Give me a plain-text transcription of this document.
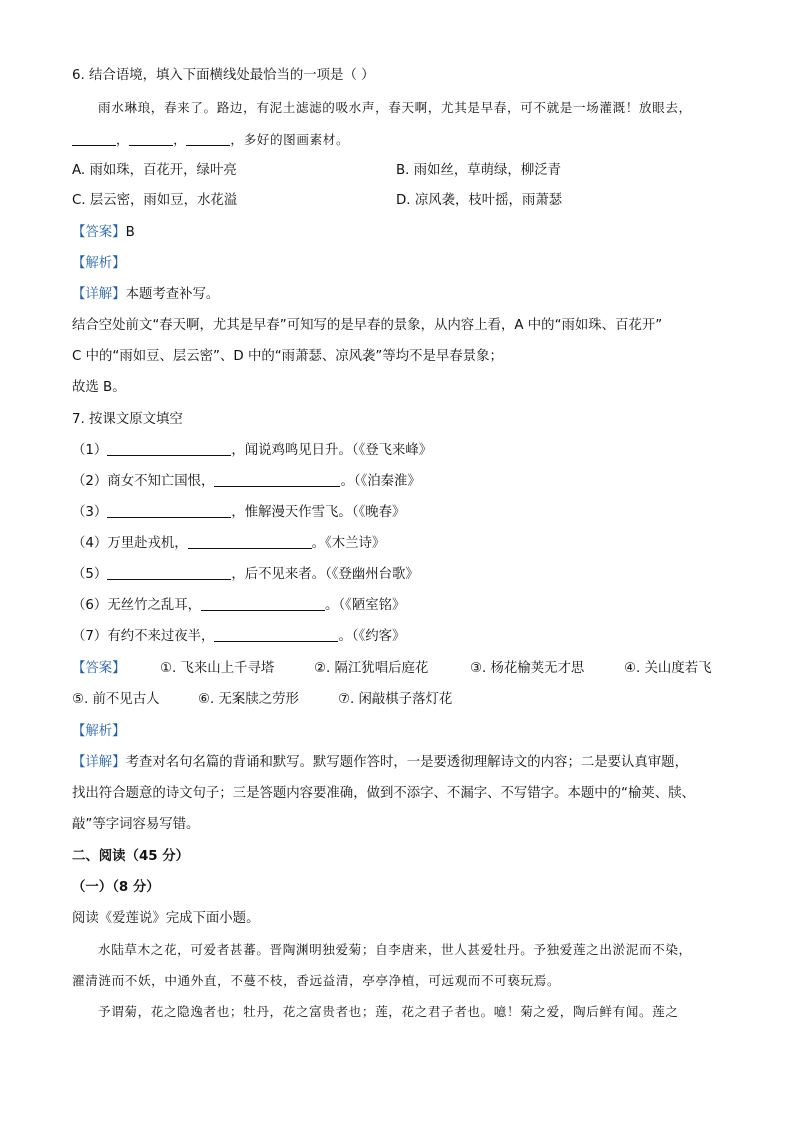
6. 结合语境，填入下面横线处最恰当的一项是（ ）
雨水琳琅，春来了。路边，有泥土滤滤的吸水声，春天啊，尤其是早春，可不就是一场灌溉！放眼去，
，	，	，多好的图画素材。
A. 雨如珠，百花开，绿叶亮	B. 雨如丝，草萌绿，柳泛青
C. 层云密，雨如豆，水花溢	D. 凉风袭，枝叶摇，雨萧瑟
【答案】B
【解析】
【详解】本题考查补写。
结合空处前文“春天啊，尤其是早春”可知写的是早春的景象，从内容上看，A 中的“雨如珠、百花开”
C 中的“雨如豆、层云密”、D 中的“雨萧瑟、凉风袭”等均不是早春景象；
故选 B。
7. 按课文原文填空
（1）	，闻说鸡鸣见日升。（《登飞来峰》
（2）商女不知亡国恨，	。（《泊秦淮》
（3）	，惟解漫天作雪飞。（《晚春》
（4）万里赴戎机，	。《木兰诗》
（5）	，后不见来者。（《登幽州台歌》
（6）无丝竹之乱耳，	。（《陋室铭》
（7）有约不来过夜半，	。（《约客》
【答案】	①. 飞来山上千寻塔	②. 隔江犹唱后庭花	③. 杨花榆荚无才思	④. 关山度若飞
⑤. 前不见古人	⑥. 无案牍之劳形	⑦. 闲敲棋子落灯花
【解析】
【详解】考查对名句名篇的背诵和默写。默写题作答时，一是要透彻理解诗文的内容；二是要认真审题，
找出符合题意的诗文句子；三是答题内容要准确，做到不添字、不漏字、不写错字。本题中的“榆荚、牍、
敲”等字词容易写错。
二、阅读（45 分）
（一）（8 分）
阅读《爱莲说》完成下面小题。
水陆草木之花，可爱者甚蕃。晋陶渊明独爱菊；自李唐来，世人甚爱牡丹。予独爱莲之出淤泥而不染，
濯清涟而不妖，中通外直，不蔓不枝，香远益清，亭亭净植，可远观而不可亵玩焉。
予谓菊，花之隐逸者也；牡丹，花之富贵者也；莲，花之君子者也。噫！菊之爱，陶后鲜有闻。莲之
